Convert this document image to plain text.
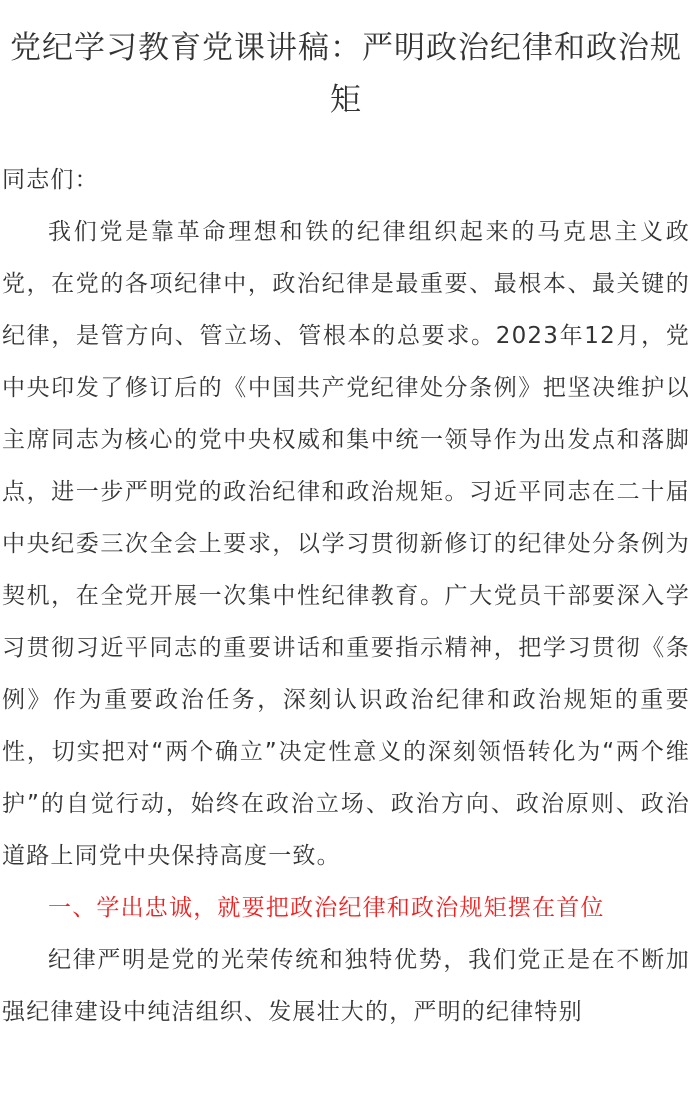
党纪学习教育党课讲稿：严明政治纪律和政治规矩

同志们：

我们党是靠革命理想和铁的纪律组织起来的马克思主义政党，在党的各项纪律中，政治纪律是最重要、最根本、最关键的纪律，是管方向、管立场、管根本的总要求。2023年12月，党中央印发了修订后的《中国共产党纪律处分条例》把坚决维护以主席同志为核心的党中央权威和集中统一领导作为出发点和落脚点，进一步严明党的政治纪律和政治规矩。习近平同志在二十届中央纪委三次全会上要求，以学习贯彻新修订的纪律处分条例为契机，在全党开展一次集中性纪律教育。广大党员干部要深入学习贯彻习近平同志的重要讲话和重要指示精神，把学习贯彻《条例》作为重要政治任务，深刻认识政治纪律和政治规矩的重要性，切实把对“两个确立”决定性意义的深刻领悟转化为“两个维护”的自觉行动，始终在政治立场、政治方向、政治原则、政治道路上同党中央保持高度一致。

一、学出忠诚，就要把政治纪律和政治规矩摆在首位

纪律严明是党的光荣传统和独特优势，我们党正是在不断加强纪律建设中纯洁组织、发展壮大的，严明的纪律特别
